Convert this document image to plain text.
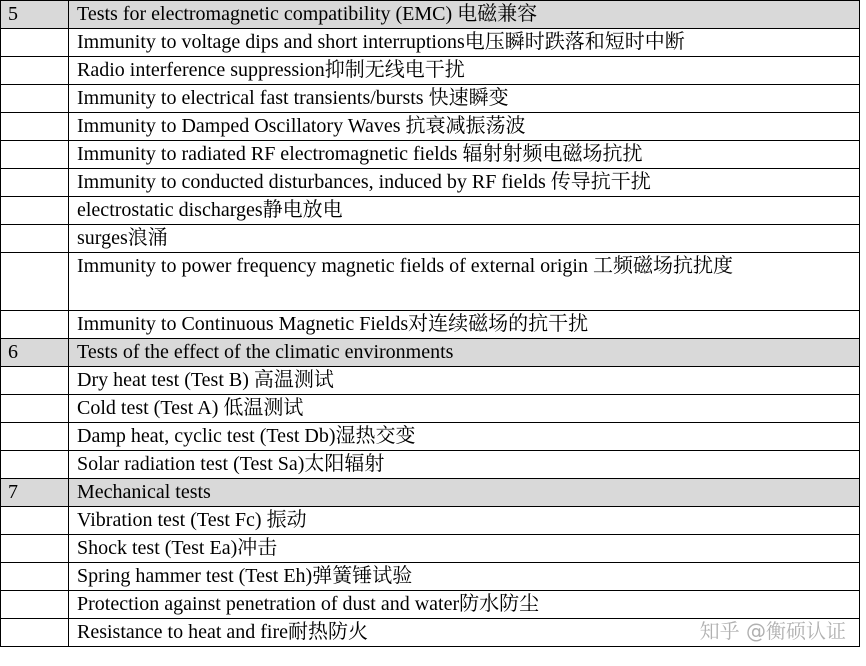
5	Tests for electromagnetic compatibility (EMC) 电磁兼容
	Immunity to voltage dips and short interruptions电压瞬时跌落和短时中断
	Radio interference suppression抑制无线电干扰
	Immunity to electrical fast transients/bursts 快速瞬变
	Immunity to Damped Oscillatory Waves 抗衰减振荡波
	Immunity to radiated RF electromagnetic fields 辐射射频电磁场抗扰
	Immunity to conducted disturbances, induced by RF fields 传导抗干扰
	electrostatic discharges静电放电
	surges浪涌
	Immunity to power frequency magnetic fields of external origin 工频磁场抗扰度
	Immunity to Continuous Magnetic Fields对连续磁场的抗干扰
6	Tests of the effect of the climatic environments
	Dry heat test (Test B) 高温测试
	Cold test (Test A) 低温测试
	Damp heat, cyclic test (Test Db)湿热交变
	Solar radiation test (Test Sa)太阳辐射
7	Mechanical tests
	Vibration test (Test Fc) 振动
	Shock test (Test Ea)冲击
	Spring hammer test (Test Eh)弹簧锤试验
	Protection against penetration of dust and water防水防尘
	Resistance to heat and fire耐热防火	知乎 @衡硕认证
